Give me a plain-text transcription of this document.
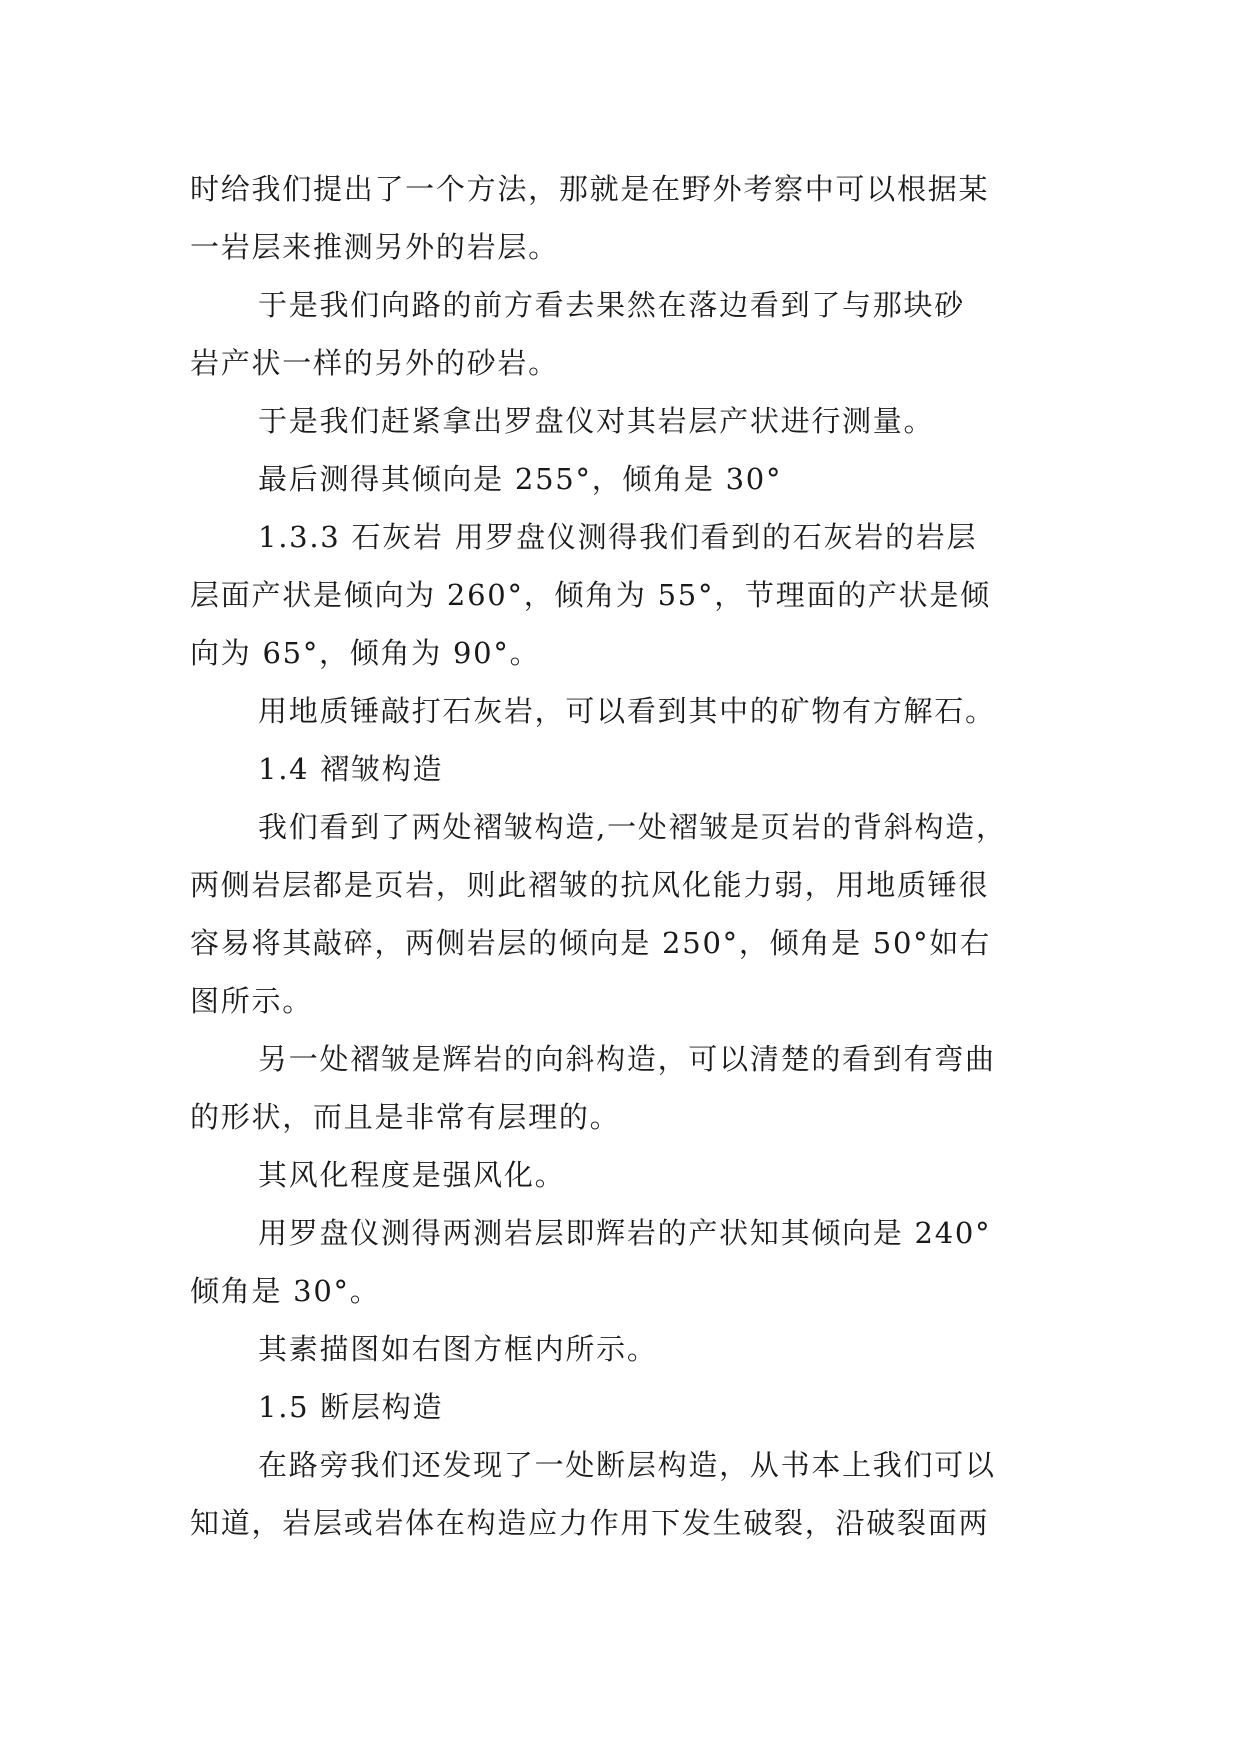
时给我们提出了一个方法，那就是在野外考察中可以根据某
一岩层来推测另外的岩层。
于是我们向路的前方看去果然在落边看到了与那块砂
岩产状一样的另外的砂岩。
于是我们赶紧拿出罗盘仪对其岩层产状进行测量。
最后测得其倾向是 255°，倾角是 30°
1.3.3 石灰岩 用罗盘仪测得我们看到的石灰岩的岩层
层面产状是倾向为 260°，倾角为 55°，节理面的产状是倾
向为 65°，倾角为 90°。
用地质锤敲打石灰岩，可以看到其中的矿物有方解石。
1.4 褶皱构造
我们看到了两处褶皱构造,一处褶皱是页岩的背斜构造，
两侧岩层都是页岩，则此褶皱的抗风化能力弱，用地质锤很
容易将其敲碎，两侧岩层的倾向是 250°，倾角是 50°如右
图所示。
另一处褶皱是辉岩的向斜构造，可以清楚的看到有弯曲
的形状，而且是非常有层理的。
其风化程度是强风化。
用罗盘仪测得两测岩层即辉岩的产状知其倾向是 240°
倾角是 30°。
其素描图如右图方框内所示。
1.5 断层构造
在路旁我们还发现了一处断层构造，从书本上我们可以
知道，岩层或岩体在构造应力作用下发生破裂，沿破裂面两
